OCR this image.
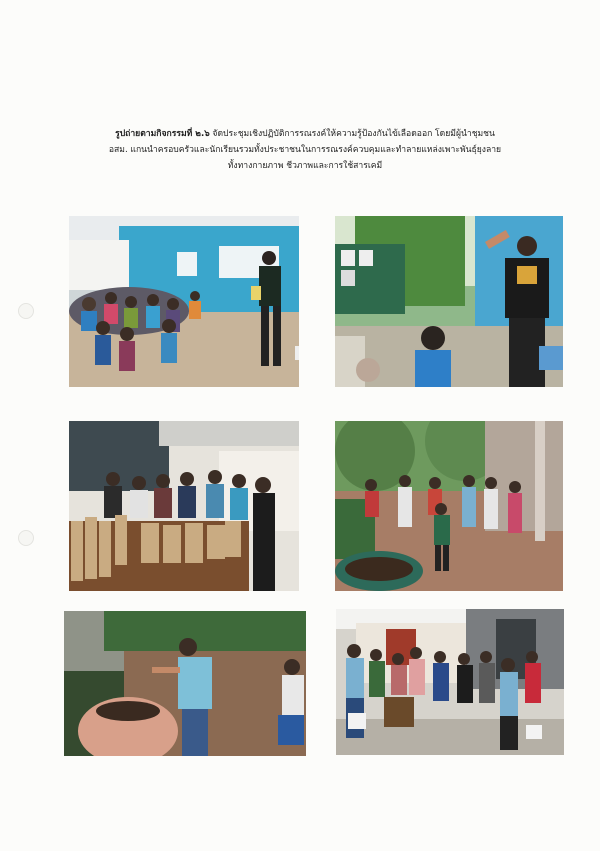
รูปถ่ายตามกิจกรรมที่ ๒.๖ จัดประชุมเชิงปฏิบัติการรณรงค์ให้ความรู้ป้องกันไข้เลือดออก โดยมีผู้นำชุมชน
อสม. แกนนำครอบครัวและนักเรียนรวมทั้งประชาชนในการรณรงค์ควบคุมและทำลายแหล่งเพาะพันธุ์ยุงลาย
ทั้งทางกายภาพ ชีวภาพและการใช้สารเคมี
